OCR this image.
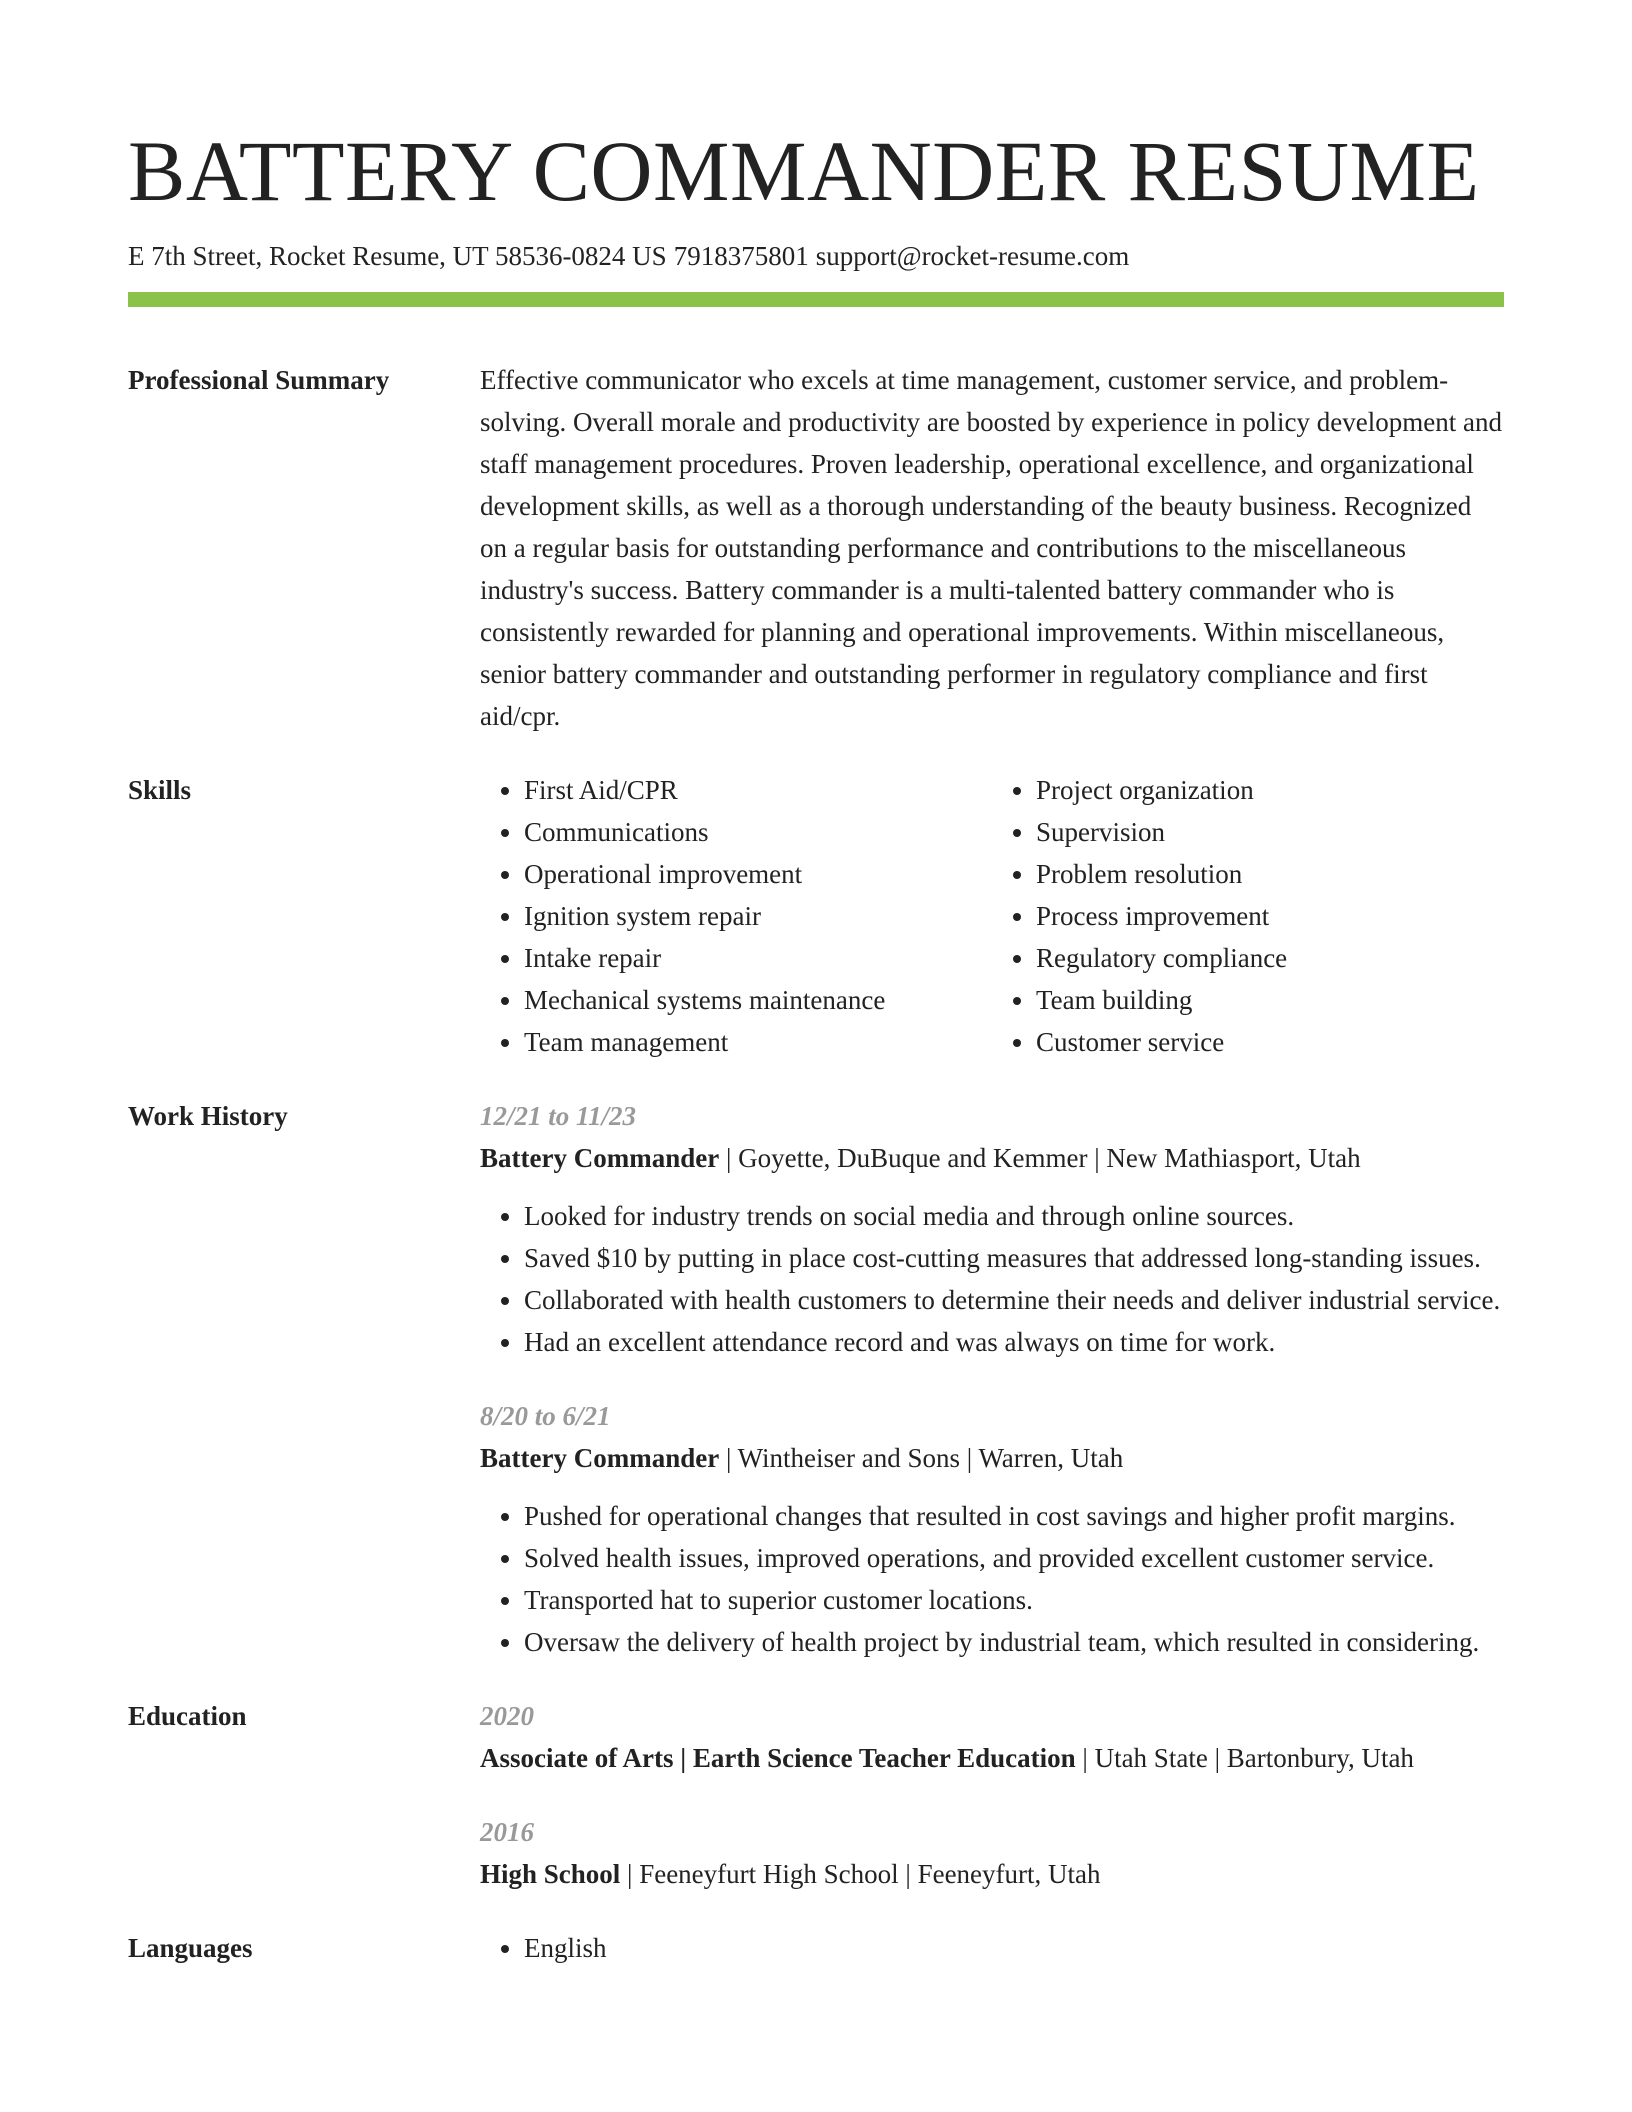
BATTERY COMMANDER RESUME
E 7th Street, Rocket Resume, UT 58536-0824 US 7918375801 support@rocket-resume.com
Professional Summary	Effective communicator who excels at time management, customer service, and problem-solving. Overall morale and productivity are boosted by experience in policy development and staff management procedures. Proven leadership, operational excellence, and organizational development skills, as well as a thorough understanding of the beauty business. Recognized on a regular basis for outstanding performance and contributions to the miscellaneous industry's success. Battery commander is a multi-talented battery commander who is consistently rewarded for planning and operational improvements. Within miscellaneous, senior battery commander and outstanding performer in regulatory compliance and first aid/cpr.

Skills	• First Aid/CPR
• Communications
• Operational improvement
• Ignition system repair
• Intake repair
• Mechanical systems maintenance
• Team management
• Project organization
• Supervision
• Problem resolution
• Process improvement
• Regulatory compliance
• Team building
• Customer service
Work History	12/21 to 11/23
Battery Commander | Goyette, DuBuque and Kemmer | New Mathiasport, Utah
• Looked for industry trends on social media and through online sources.
• Saved $10 by putting in place cost-cutting measures that addressed long-standing issues.
• Collaborated with health customers to determine their needs and deliver industrial service.
• Had an excellent attendance record and was always on time for work.
8/20 to 6/21
Battery Commander | Wintheiser and Sons | Warren, Utah
• Pushed for operational changes that resulted in cost savings and higher profit margins.
• Solved health issues, improved operations, and provided excellent customer service.
• Transported hat to superior customer locations.
• Oversaw the delivery of health project by industrial team, which resulted in considering.
Education	2020
Associate of Arts | Earth Science Teacher Education | Utah State | Bartonbury, Utah
2016
High School | Feeneyfurt High School | Feeneyfurt, Utah
Languages	• English
